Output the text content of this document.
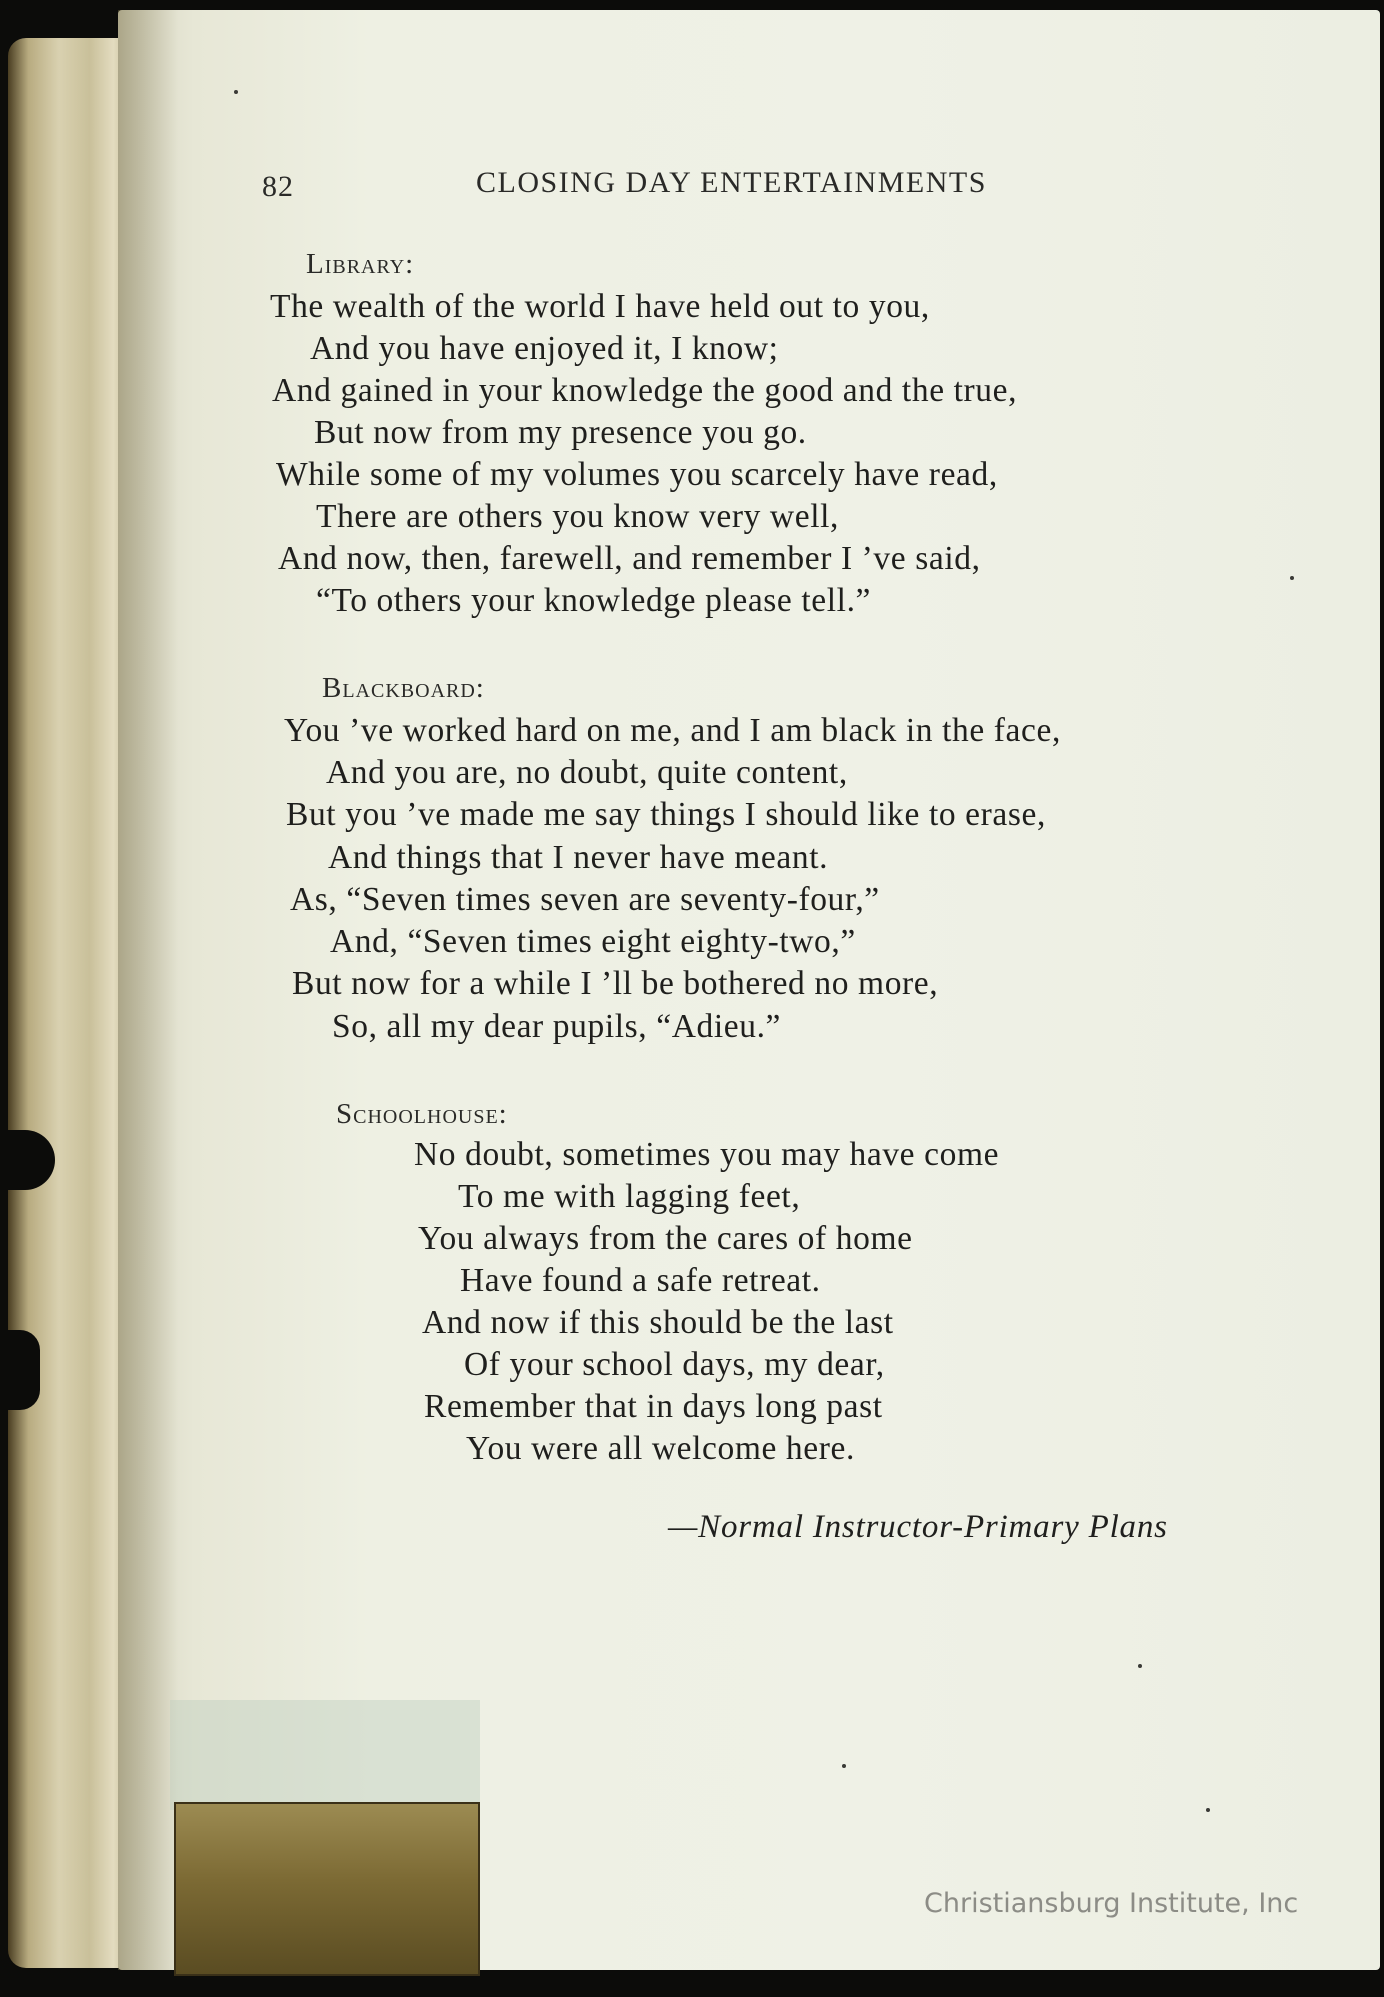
82	CLOSING DAY ENTERTAINMENTS
Library:
The wealth of the world I have held out to you,
And you have enjoyed it, I know;
And gained in your knowledge the good and the true,
But now from my presence you go.
While some of my volumes you scarcely have read,
There are others you know very well,
And now, then, farewell, and remember I ’ve said,
“To others your knowledge please tell.”
Blackboard:
You ’ve worked hard on me, and I am black in the face,
And you are, no doubt, quite content,
But you ’ve made me say things I should like to erase,
And things that I never have meant.
As, “Seven times seven are seventy-four,”
And, “Seven times eight eighty-two,”
But now for a while I ’ll be bothered no more,
So, all my dear pupils, “Adieu.”
Schoolhouse:
No doubt, sometimes you may have come
To me with lagging feet,
You always from the cares of home
Have found a safe retreat.
And now if this should be the last
Of your school days, my dear,
Remember that in days long past
You were all welcome here.
—Normal Instructor-Primary Plans
Christiansburg Institute, Inc
